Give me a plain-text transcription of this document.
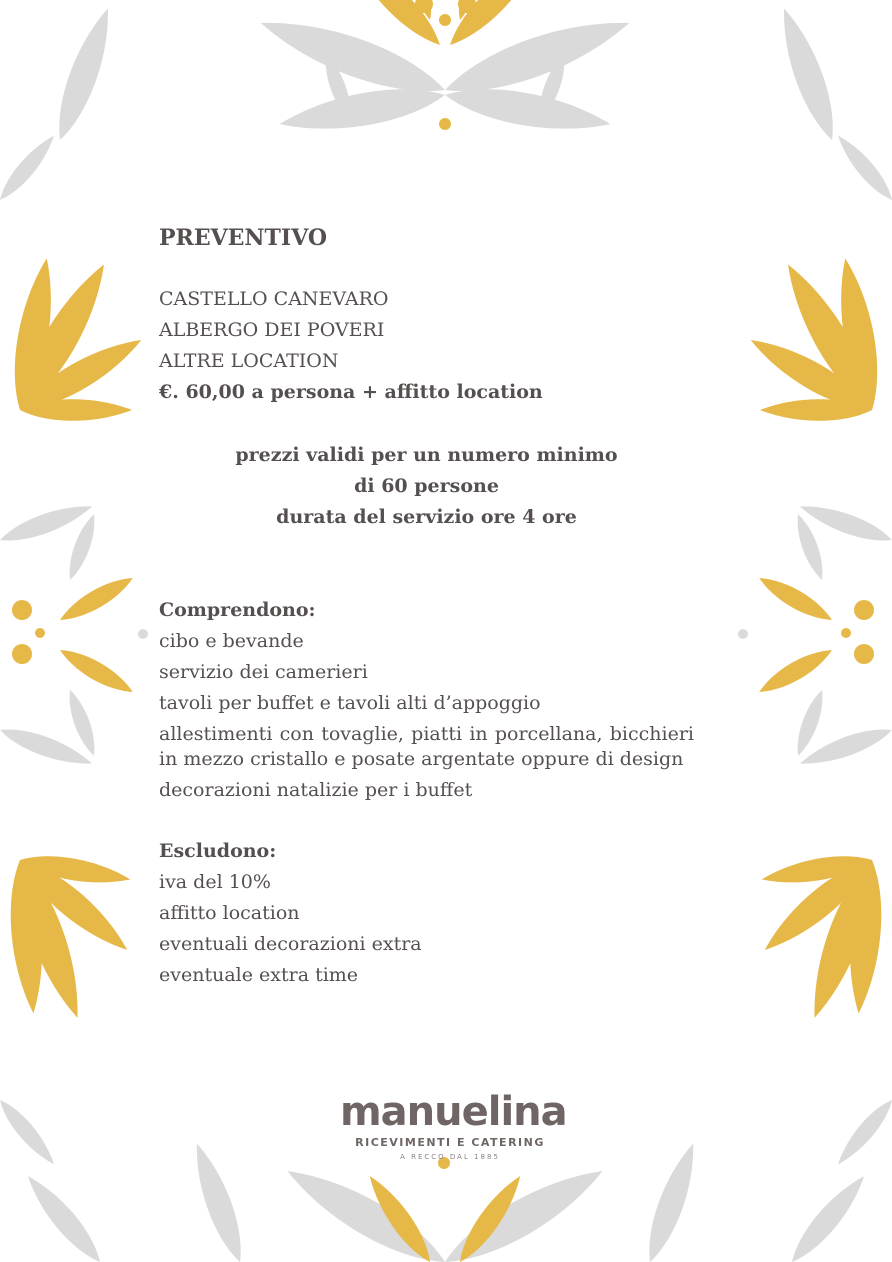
PREVENTIVO
CASTELLO CANEVARO
ALBERGO DEI POVERI
ALTRE LOCATION
€. 60,00 a persona + affitto location
prezzi validi per un numero minimo
di 60 persone
durata del servizio ore 4 ore
Comprendono:
cibo e bevande
servizio dei camerieri
tavoli per buffet e tavoli alti d’appoggio
allestimenti con tovaglie, piatti in porcellana, bicchieri in mezzo cristallo e posate argentate oppure di design
decorazioni natalizie per i buffet
Escludono:
iva del 10%
affitto location
eventuali decorazioni extra
eventuale extra time
manuelina
RICEVIMENTI E CATERING
A RECCO DAL 1885
